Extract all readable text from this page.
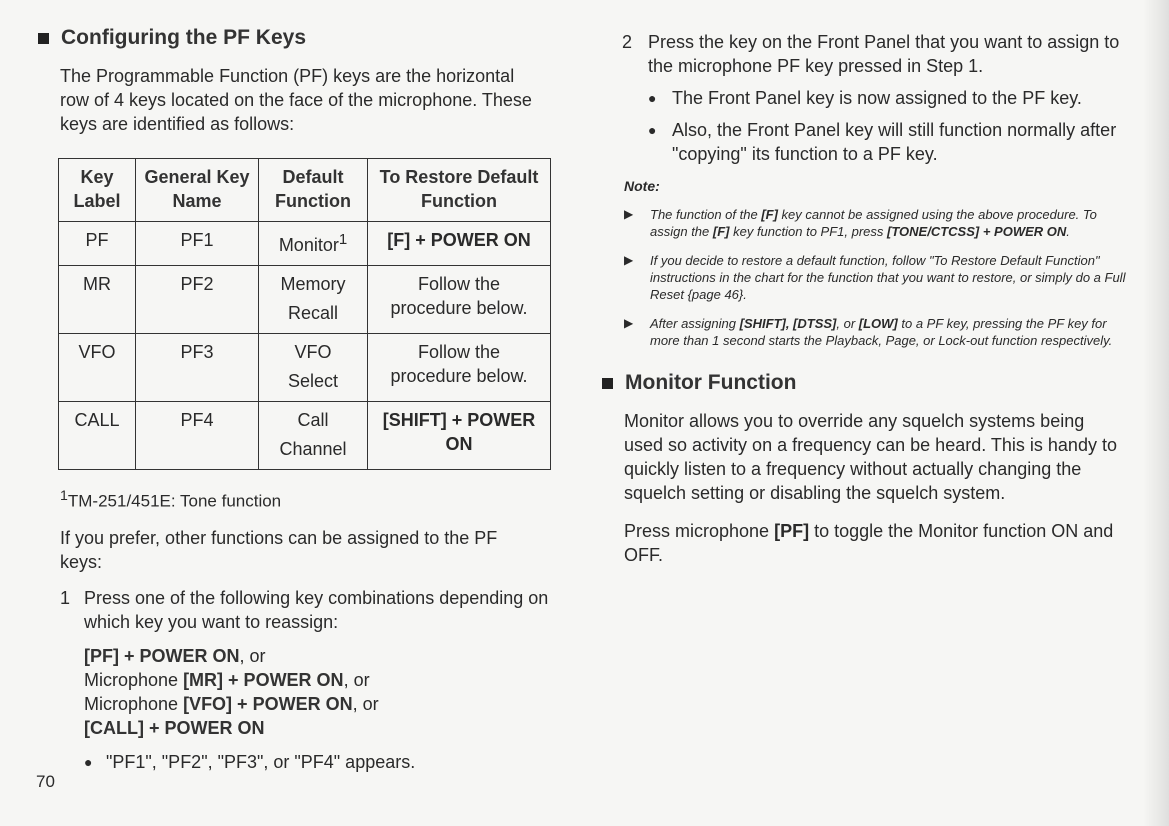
Configuring the PF Keys

The Programmable Function (PF) keys are the horizontal row of 4 keys located on the face of the microphone. These keys are identified as follows:

Key Label	General Key Name	Default Function	To Restore Default Function
PF	PF1	Monitor$^1$	[F] + POWER ON
MR	PF2	Memory Recall	Follow the procedure below.
VFO	PF3	VFO Select	Follow the procedure below.
CALL	PF4	Call Channel	[SHIFT] + POWER ON

$^1$TM-251/451E: Tone function

If you prefer, other functions can be assigned to the PF keys:

1 Press one of the following key combinations depending on which key you want to reassign:
[PF] + POWER ON, or
Microphone [MR] + POWER ON, or
Microphone [VFO] + POWER ON, or
[CALL] + POWER ON
● "PF1", "PF2", "PF3", or "PF4" appears.
70
2 Press the key on the Front Panel that you want to assign to the microphone PF key pressed in Step 1.
● The Front Panel key is now assigned to the PF key.
● Also, the Front Panel key will still function normally after "copying" its function to a PF key.
Note:
▶	The function of the [F] key cannot be assigned using the above procedure. To assign the [F] key function to PF1, press [TONE/CTCSS] + POWER ON.
▶	If you decide to restore a default function, follow "To Restore Default Function" instructions in the chart for the function that you want to restore, or simply do a Full Reset {page 46}.
▶	After assigning [SHIFT], [DTSS], or [LOW] to a PF key, pressing the PF key for more than 1 second starts the Playback, Page, or Lock-out function respectively.
Monitor Function

Monitor allows you to override any squelch systems being used so activity on a frequency can be heard. This is handy to quickly listen to a frequency without actually changing the squelch setting or disabling the squelch system.

Press microphone [PF] to toggle the Monitor function ON and OFF.
